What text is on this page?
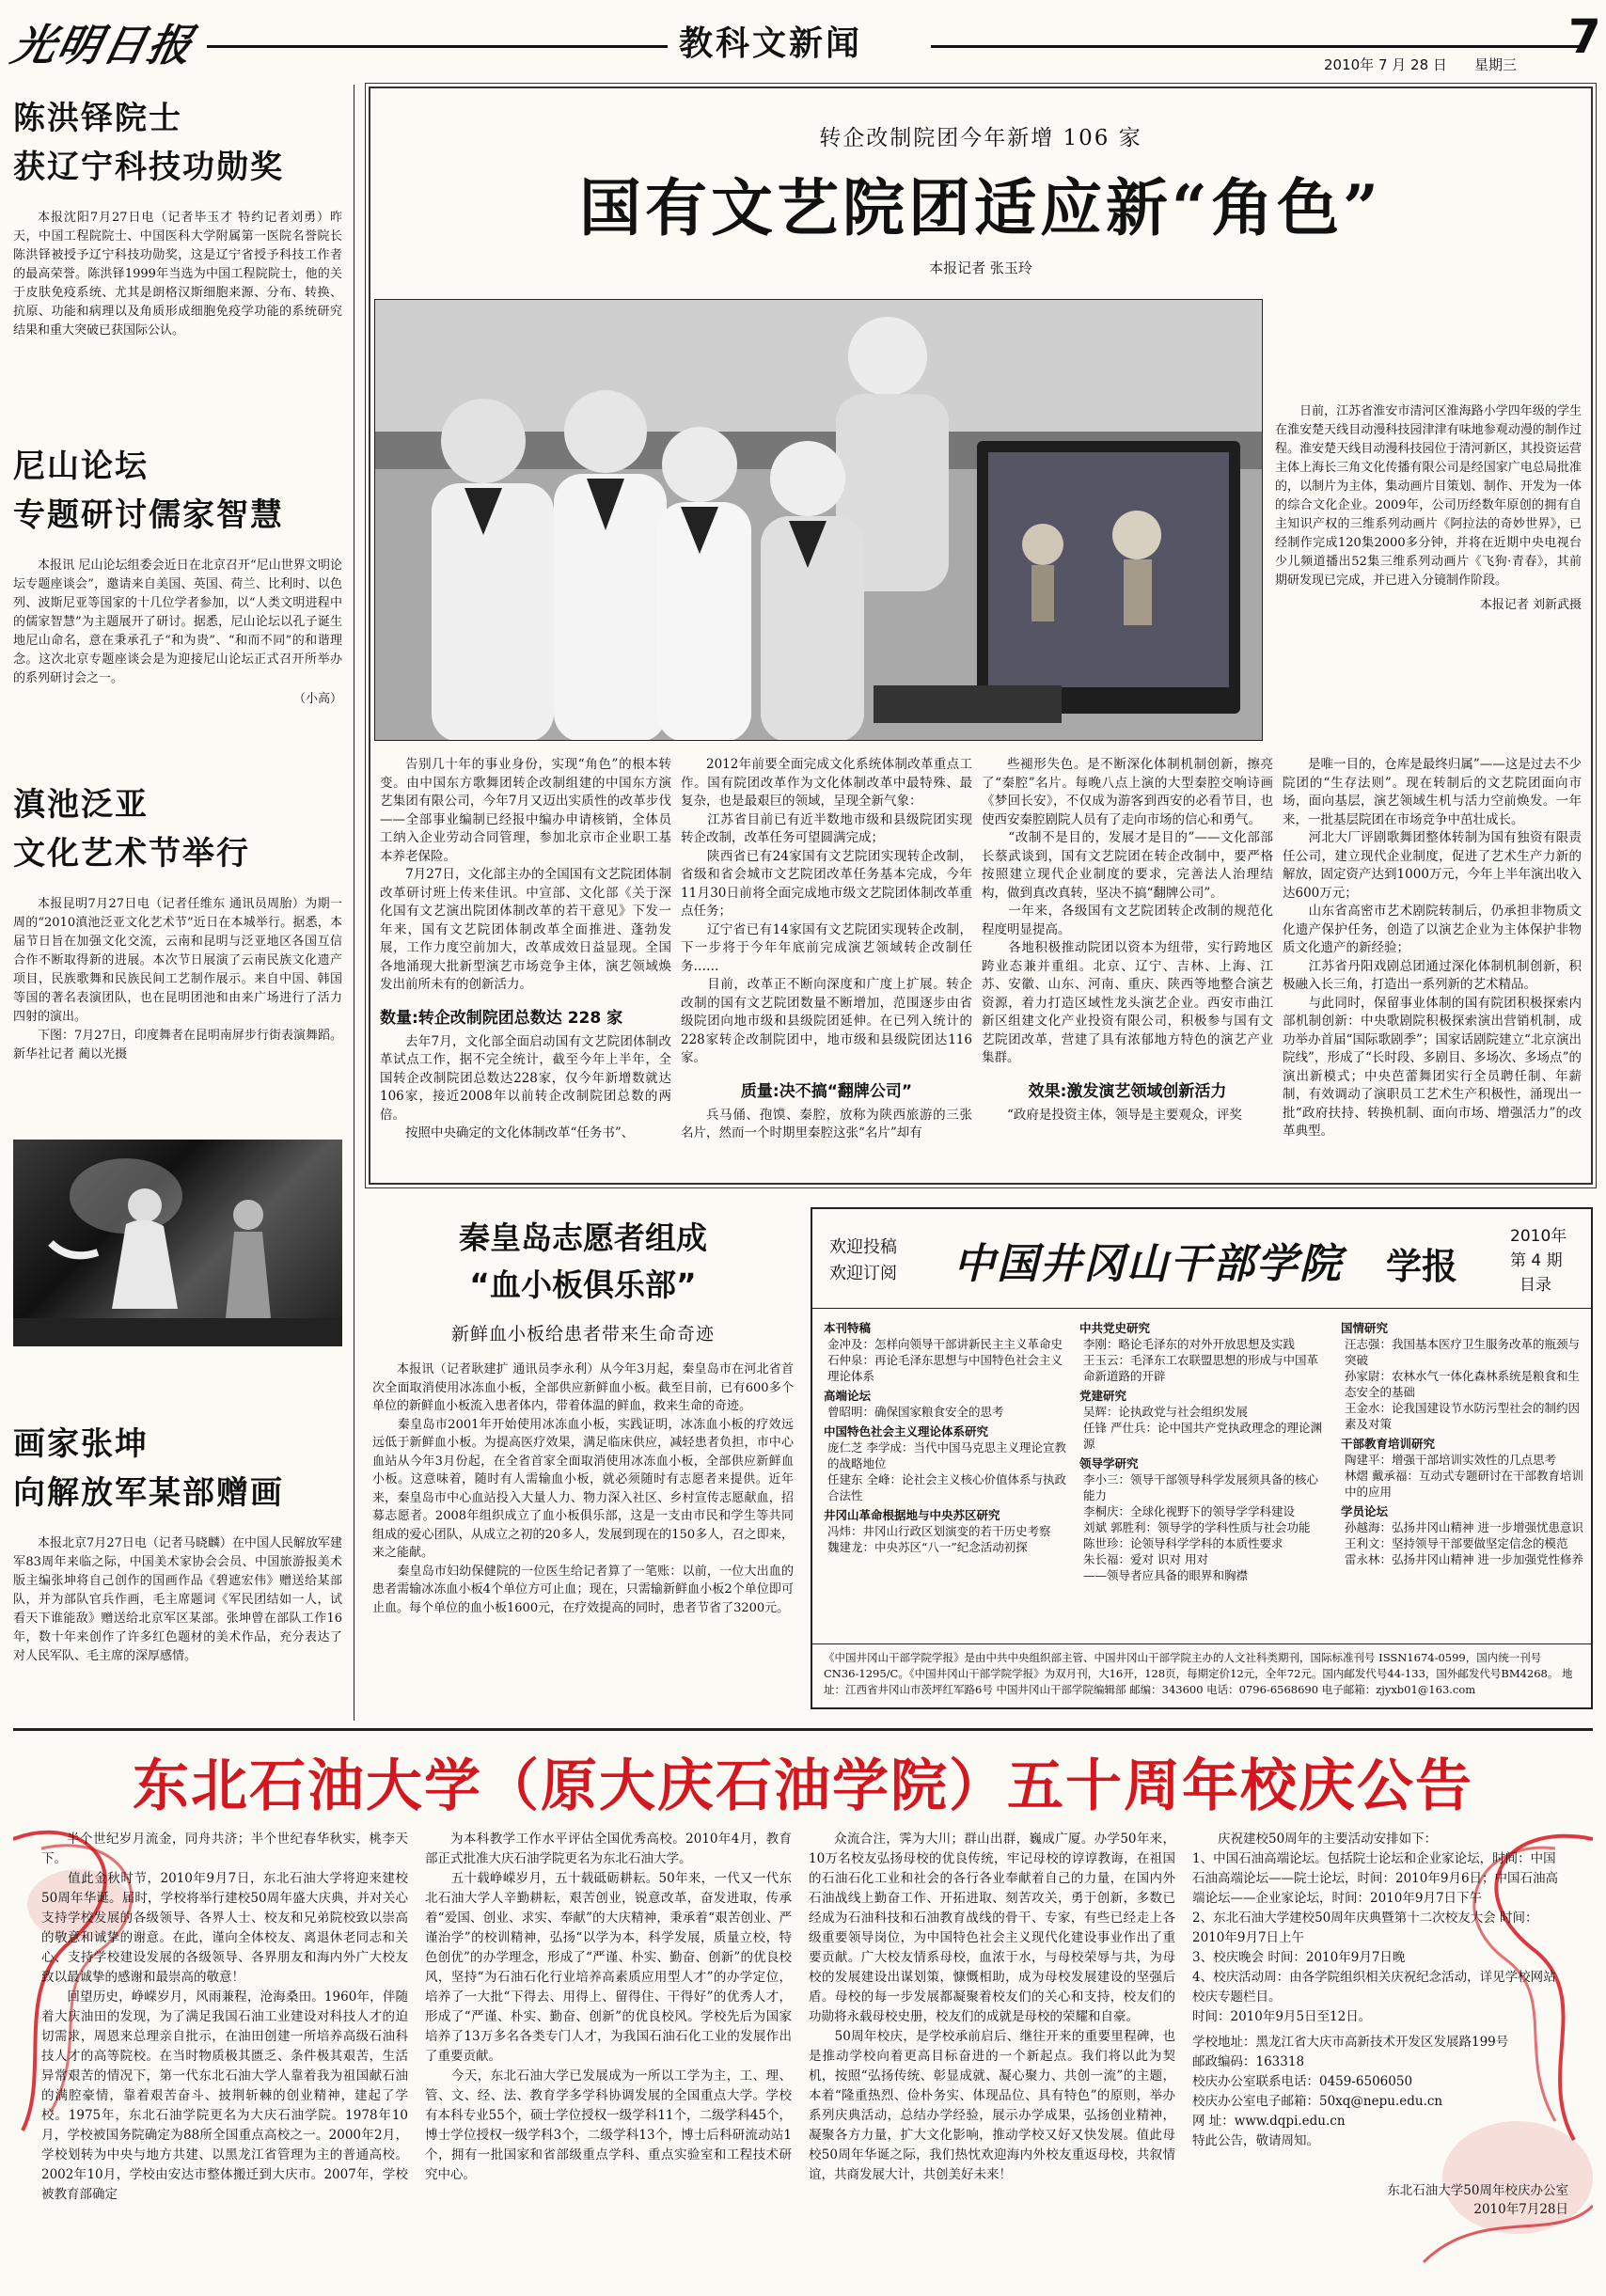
光明日报	教科文新闻
2010年 7 月 28 日 星期三
7
陈洪铎院士
获辽宁科技功勋奖

本报沈阳7月27日电（记者毕玉才 特约记者刘勇）昨天，中国工程院院士、中国医科大学附属第一医院名誉院长陈洪铎被授予辽宁科技功勋奖，这是辽宁省授予科技工作者的最高荣誉。陈洪铎1999年当选为中国工程院院士，他的关于皮肤免疫系统、尤其是朗格汉斯细胞来源、分布、转换、抗原、功能和病理以及角质形成细胞免疫学功能的系统研究结果和重大突破已获国际公认。

尼山论坛
专题研讨儒家智慧

本报讯 尼山论坛组委会近日在北京召开“尼山世界文明论坛专题座谈会”，邀请来自美国、英国、荷兰、比利时、以色列、波斯尼亚等国家的十几位学者参加，以“人类文明进程中的儒家智慧”为主题展开了研讨。据悉，尼山论坛以孔子诞生地尼山命名，意在秉承孔子“和为贵”、“和而不同”的和谐理念。这次北京专题座谈会是为迎接尼山论坛正式召开所举办的系列研讨会之一。

（小高）
滇池泛亚
文化艺术节举行

本报昆明7月27日电（记者任维东 通讯员周胎）为期一周的“2010滇池泛亚文化艺术节”近日在本城举行。据悉，本届节日旨在加强文化交流，云南和昆明与泛亚地区各国互信合作不断取得新的进展。本次节日展演了云南民族文化遗产项目，民族歌舞和民族民间工艺制作展示。来自中国、韩国等国的著名表演团队，也在昆明团池和由来广场进行了活力四射的演出。

下图：7月27日，印度舞者在昆明南屏步行街表演舞蹈。 新华社记者 蔺以光摄

画家张坤
向解放军某部赠画

本报北京7月27日电（记者马晓麟）在中国人民解放军建军83周年来临之际，中国美术家协会会员、中国旅游报美术版主编张坤将自己创作的国画作品《碧遮宏伟》赠送给某部队，并为部队官兵作画，毛主席题词《军民团结如一人，试看天下谁能敌》赠送给北京军区某部。张坤曾在部队工作16年，数十年来创作了许多红色题材的美术作品，充分表达了对人民军队、毛主席的深厚感情。

转企改制院团今年新增 106 家
国有文艺院团适应新“角色”
本报记者 张玉玲

日前，江苏省淮安市清河区淮海路小学四年级的学生在淮安楚天线目动漫科技园津津有味地参观动漫的制作过程。淮安楚天线目动漫科技园位于清河新区，其投资运营主体上海长三角文化传播有限公司是经国家广电总局批准的，以制片为主体，集动画片目策划、制作、开发为一体的综合文化企业。2009年，公司历经数年原创的拥有自主知识产权的三维系列动画片《阿拉法的奇妙世界》，已经制作完成120集2000多分钟，并将在近期中央电视台少儿频道播出52集三维系列动画片《飞狗·青春》，其前期研发现已完成，并已进入分镜制作阶段。

本报记者 刘新武摄

告别几十年的事业身份，实现“角色”的根本转变。由中国东方歌舞团转企改制组建的中国东方演艺集团有限公司，今年7月又迈出实质性的改革步伐——全部事业编制已经报中编办申请核销，全体员工纳入企业劳动合同管理，参加北京市企业职工基本养老保险。
　　7月27日，文化部主办的全国国有文艺院团体制改革研讨班上传来佳讯。中宣部、文化部《关于深化国有文艺演出院团体制改革的若干意见》下发一年来，国有文艺院团体制改革全面推进、蓬勃发展，工作力度空前加大，改革成效日益显现。全国各地涌现大批新型演艺市场竞争主体，演艺领域焕发出前所未有的创新活力。

数量:转企改制院团总数达 228 家

去年7月，文化部全面启动国有文艺院团体制改革试点工作，据不完全统计，截至今年上半年，全国转企改制院团总数达228家，仅今年新增数就达106家，接近2008年以前转企改制院团总数的两倍。
　　按照中央确定的文化体制改革“任务书”、

2012年前要全面完成文化系统体制改革重点工作。国有院团改革作为文化体制改革中最特殊、最复杂，也是最艰巨的领域，呈现全新气象：
　　江苏省目前已有近半数地市级和县级院团实现转企改制，改革任务可望圆满完成；
　　陕西省已有24家国有文艺院团实现转企改制，省级和省会城市文艺院团改革任务基本完成，今年11月30日前将全面完成地市级文艺院团体制改革重点任务；
　　辽宁省已有14家国有文艺院团实现转企改制，下一步将于今年年底前完成演艺领域转企改制任务……
　　目前，改革正不断向深度和广度上扩展。转企改制的国有文艺院团数量不断增加，范围逐步由省级院团向地市级和县级院团延伸。在已列入统计的228家转企改制院团中，地市级和县级院团达116家。

质量:决不搞“翻牌公司”

兵马俑、孢馍、秦腔，放称为陕西旅游的三张名片，然而一个时期里秦腔这张“名片”却有

些褪形失色。是不断深化体制机制创新，擦亮了“秦腔”名片。每晚八点上演的大型秦腔交响诗画《梦回长安》，不仅成为游客到西安的必看节目，也使西安秦腔剧院人员有了走向市场的信心和勇气。
　　“改制不是目的，发展才是目的”——文化部部长蔡武谈到，国有文艺院团在转企改制中，要严格按照建立现代企业制度的要求，完善法人治理结构，做到真改真转，坚决不搞“翻牌公司”。
　　一年来，各级国有文艺院团转企改制的规范化程度明显提高。
　　各地积极推动院团以资本为纽带，实行跨地区跨业态兼并重组。北京、辽宁、吉林、上海、江苏、安徽、山东、河南、重庆、陕西等地整合演艺资源，着力打造区域性龙头演艺企业。西安市曲江新区组建文化产业投资有限公司，积极参与国有文艺院团改革，营建了具有浓郁地方特色的演艺产业集群。

效果:激发演艺领域创新活力

“政府是投资主体，领导是主要观众，评奖

是唯一目的，仓库是最终归属”——这是过去不少院团的“生存法则”。现在转制后的文艺院团面向市场，面向基层，演艺领域生机与活力空前焕发。一年来，一批基层院团在市场竞争中茁壮成长。
　　河北大厂评剧歌舞团整体转制为国有独资有限责任公司，建立现代企业制度，促进了艺术生产力新的解放，固定资产达到1000万元，今年上半年演出收入达600万元；
　　山东省高密市艺术剧院转制后，仍承担非物质文化遗产保护任务，创造了以演艺企业为主体保护非物质文化遗产的新经验；
　　江苏省丹阳戏剧总团通过深化体制机制创新，积极融入长三角，打造出一系列新的艺术精品。
　　与此同时，保留事业体制的国有院团积极探索内部机制创新：中央歌剧院积极探索演出营销机制，成功举办首届“国际歌剧季”；国家话剧院建立“北京演出院线”，形成了“长时段、多剧目、多场次、多场点”的演出新模式；中央芭蕾舞团实行全员聘任制、年薪制，有效调动了演职员工艺术生产积极性，涌现出一批“政府扶持、转换机制、面向市场、增强活力”的改革典型。

秦皇岛志愿者组成
“血小板俱乐部”
新鲜血小板给患者带来生命奇迹

本报讯（记者耿建扩 通讯员李永利）从今年3月起，秦皇岛市在河北省首次全面取消使用冰冻血小板，全部供应新鲜血小板。截至目前，已有600多个单位的新鲜血小板流入患者体内，带着体温的鲜血，救来生命的奇迹。
　　秦皇岛市2001年开始使用冰冻血小板，实践证明，冰冻血小板的疗效远远低于新鲜血小板。为提高医疗效果，满足临床供应，减轻患者负担，市中心血站从今年3月份起，在全省首家全面取消使用冰冻血小板，全部供应新鲜血小板。这意味着，随时有人需输血小板，就必须随时有志愿者来提供。近年来，秦皇岛市中心血站投入大量人力、物力深入社区、乡村宣传志愿献血，招募志愿者。2008年组织成立了血小板俱乐部，这是一支由市民和学生等共同组成的爱心团队，从成立之初的20多人，发展到现在的150多人，召之即来，来之能献。
　　秦皇岛市妇幼保健院的一位医生给记者算了一笔账：以前，一位大出血的患者需输冰冻血小板4个单位方可止血；现在，只需输新鲜血小板2个单位即可止血。每个单位的血小板1600元，在疗效提高的同时，患者节省了3200元。

欢迎投稿
欢迎订阅 中国井冈山干部学院 学报
2010年
第 4 期
目录
本刊特稿
金冲及：怎样向领导干部讲新民主主义革命史
石仲泉：再论毛泽东思想与中国特色社会主义理论体系
高端论坛
曾昭明：确保国家粮食安全的思考
中国特色社会主义理论体系研究
庞仁芝 李学成：当代中国马克思主义理论宣教的战略地位
任建东 全峰：论社会主义核心价值体系与执政合法性
井冈山革命根据地与中央苏区研究
冯炜：井冈山行政区划演变的若干历史考察
魏建龙：中央苏区“八一”纪念活动初探
中共党史研究
李刚：略论毛泽东的对外开放思想及实践
王玉云：毛泽东工农联盟思想的形成与中国革命新道路的开辟
党建研究
吴辉：论执政党与社会组织发展
任锋 严仕兵：论中国共产党执政理念的理论渊源
领导学研究
李小三：领导干部领导科学发展须具备的核心能力
李桐庆：全球化视野下的领导学学科建设
刘斌 郭胜利：领导学的学科性质与社会功能
陈世珍：论领导科学学科的本质性要求
朱长福：爱对 识对 用对
——领导者应具备的眼界和胸襟
国情研究
汪志强：我国基本医疗卫生服务改革的瓶颈与突破
孙家尉：农林水气一体化森林系统是粮食和生态安全的基础
王金水：论我国建设节水防污型社会的制约因素及对策
干部教育培训研究
陶建平：增强干部培训实效性的几点思考
林熠 戴承福：互动式专题研讨在干部教育培训中的应用
学员论坛
孙越海：弘扬井冈山精神 进一步增强忧患意识
王利文：坚持领导干部要做坚定信念的模范
雷永林：弘扬井冈山精神 进一步加强党性修养

《中国井冈山干部学院学报》是由中共中央组织部主管、中国井冈山干部学院主办的人文社科类期刊，国际标准刊号 ISSN1674-0599，国内统一刊号 CN36-1295/C。《中国井冈山干部学院学报》为双月刊，大16开，128页，每期定价12元，全年72元。国内邮发代号44-133，国外邮发代号BM4268。 地址：江西省井冈山市茨坪红军路6号 中国井冈山干部学院编辑部 邮编：343600 电话：0796-6568690 电子邮箱：zjyxb01@163.com

东北石油大学（原大庆石油学院）五十周年校庆公告

半个世纪岁月流金，同舟共济；半个世纪春华秋实，桃李天下。
　　值此金秋时节，2010年9月7日，东北石油大学将迎来建校50周年华诞。届时，学校将举行建校50周年盛大庆典，并对关心支持学校发展的各级领导、各界人士、校友和兄弟院校致以崇高的敬意和诚挚的谢意。在此，谨向全体校友、离退休老同志和关心、支持学校建设发展的各级领导、各界朋友和海内外广大校友致以最诚挚的感谢和最崇高的敬意！
　　回望历史，峥嵘岁月，风雨兼程，沧海桑田。1960年，伴随着大庆油田的发现，为了满足我国石油工业建设对科技人才的迫切需求，周恩来总理亲自批示，在油田创建一所培养高级石油科技人才的高等院校。在当时物质极其匮乏、条件极其艰苦，生活异常艰苦的情况下，第一代东北石油大学人靠着我为祖国献石油的满腔豪情，靠着艰苦奋斗、披荆斩棘的创业精神，建起了学校。1975年，东北石油学院更名为大庆石油学院。1978年10月，学校被国务院确定为88所全国重点高校之一。2000年2月，学校划转为中央与地方共建、以黑龙江省管理为主的普通高校。2002年10月，学校由安达市整体搬迁到大庆市。2007年，学校被教育部确定

为本科教学工作水平评估全国优秀高校。2010年4月，教育部正式批准大庆石油学院更名为东北石油大学。
　　五十载峥嵘岁月，五十载砥砺耕耘。50年来，一代又一代东北石油大学人辛勤耕耘，艰苦创业，锐意改革，奋发进取，传承着“爱国、创业、求实、奉献”的大庆精神，秉承着“艰苦创业、严谨治学”的校训精神，弘扬“以学为本，科学发展，质量立校，特色创优”的办学理念，形成了“严谨、朴实、勤奋、创新”的优良校风，坚持“为石油石化行业培养高素质应用型人才”的办学定位，培养了一大批“下得去、用得上、留得住、干得好”的优秀人才，形成了“严谨、朴实、勤奋、创新”的优良校风。学校先后为国家培养了13万多名各类专门人才，为我国石油石化工业的发展作出了重要贡献。
　　今天，东北石油大学已发展成为一所以工学为主，工、理、管、文、经、法、教育学多学科协调发展的全国重点大学。学校有本科专业55个，硕士学位授权一级学科11个，二级学科45个，博士学位授权一级学科3个，二级学科13个，博士后科研流动站1个，拥有一批国家和省部级重点学科、重点实验室和工程技术研究中心。

众流合注，霁为大川；群山出群，巍成广厦。办学50年来，10万名校友弘扬母校的优良传统，牢记母校的谆谆教诲，在祖国的石油石化工业和社会的各行各业奉献着自己的力量，在国内外石油战线上勤奋工作、开拓进取、刻苦攻关，勇于创新，多数已经成为石油科技和石油教育战线的骨干、专家，有些已经走上各级重要领导岗位，为中国特色社会主义现代化建设事业作出了重要贡献。广大校友情系母校，血浓于水，与母校荣辱与共，为母校的发展建设出谋划策，慷慨相助，成为母校发展建设的坚强后盾。母校的每一步发展都凝聚着校友们的关心和支持，校友们的功勋将永载母校史册，校友们的成就是母校的荣耀和自豪。
　　50周年校庆，是学校承前启后、继往开来的重要里程碑，也是推动学校向着更高目标奋进的一个新起点。我们将以此为契机，按照“弘扬传统、彰显成就、凝心聚力、共创一流”的主题，本着“隆重热烈、俭朴务实、体现品位、具有特色”的原则，举办系列庆典活动，总结办学经验，展示办学成果，弘扬创业精神，凝聚各方力量，扩大文化影响，推动学校又好又快发展。值此母校50周年华诞之际，我们热忱欢迎海内外校友重返母校，共叙情谊，共商发展大计，共创美好未来！

庆祝建校50周年的主要活动安排如下：

1、中国石油高端论坛。包括院士论坛和企业家论坛，时间：中国石油高端论坛——院士论坛，时间：2010年9月6日；中国石油高端论坛——企业家论坛，时间：2010年9月7日下午

2、东北石油大学建校50周年庆典暨第十二次校友大会 时间：2010年9月7日上午

3、校庆晚会 时间：2010年9月7日晚

4、校庆活动周：由各学院组织相关庆祝纪念活动，详见学校网站校庆专题栏目。

时间：2010年9月5日至12日。

学校地址：黑龙江省大庆市高新技术开发区发展路199号

邮政编码：163318

校庆办公室联系电话：0459-6506050

校庆办公室电子邮箱：50xq@nepu.edu.cn

网 址：www.dqpi.edu.cn

特此公告，敬请周知。

东北石油大学50周年校庆办公室
2010年7月28日
